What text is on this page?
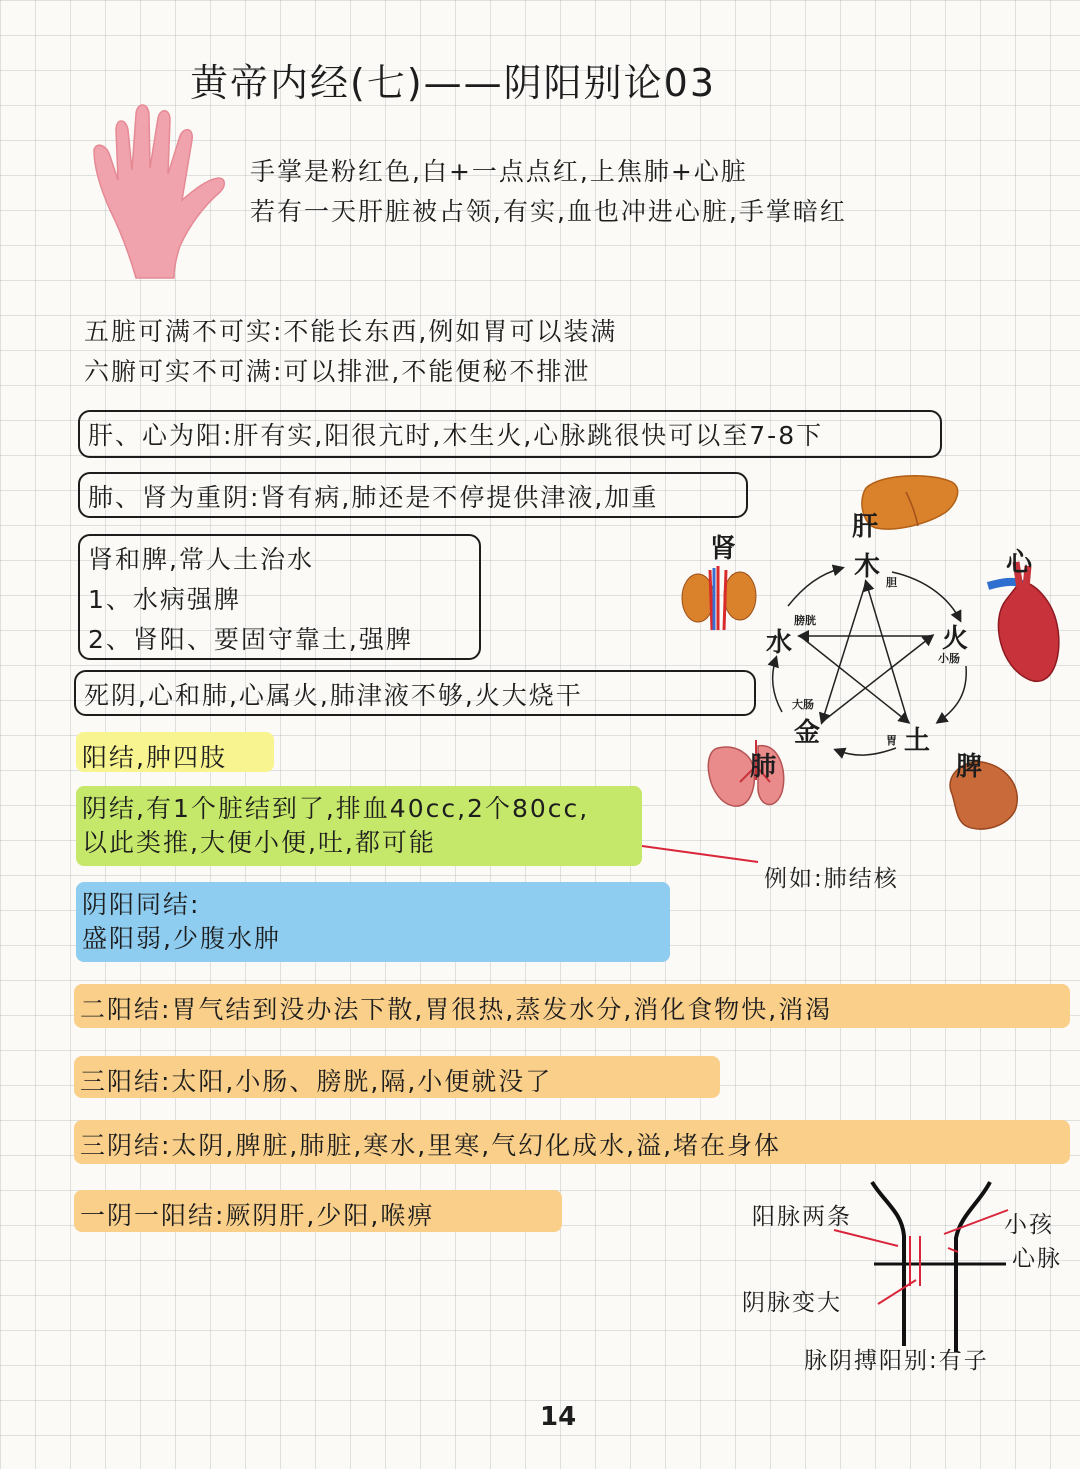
黄帝内经(七)——阴阳别论03
手掌是粉红色,白+一点点红,上焦肺+心脏
若有一天肝脏被占领,有实,血也冲进心脏,手掌暗红
五脏可满不可实:不能长东西,例如胃可以装满
六腑可实不可满:可以排泄,不能便秘不排泄
肝、心为阳:肝有实,阳很亢时,木生火,心脉跳很快可以至7-8下
肺、肾为重阴:肾有病,肺还是不停提供津液,加重
肾和脾,常人土治水
1、水病强脾
2、肾阳、要固守靠土,强脾
死阴,心和肺,心属火,肺津液不够,火大烧干
阳结,肿四肢
阴结,有1个脏结到了,排血40cc,2个80cc,
以此类推,大便小便,吐,都可能
例如:肺结核
阴阳同结:
盛阳弱,少腹水肿
二阳结:胃气结到没办法下散,胃很热,蒸发水分,消化食物快,消渴
三阳结:太阳,小肠、膀胱,隔,小便就没了
三阴结:太阴,脾脏,肺脏,寒水,里寒,气幻化成水,溢,堵在身体
一阴一阳结:厥阴肝,少阳,喉痹
肝
木
胆
肾	心
水
膀胱
火
小肠
大肠
金	胃 土
肺	脾
阳脉两条	小孩
心脉
阴脉变大
脉阴搏阳别:有子
14
